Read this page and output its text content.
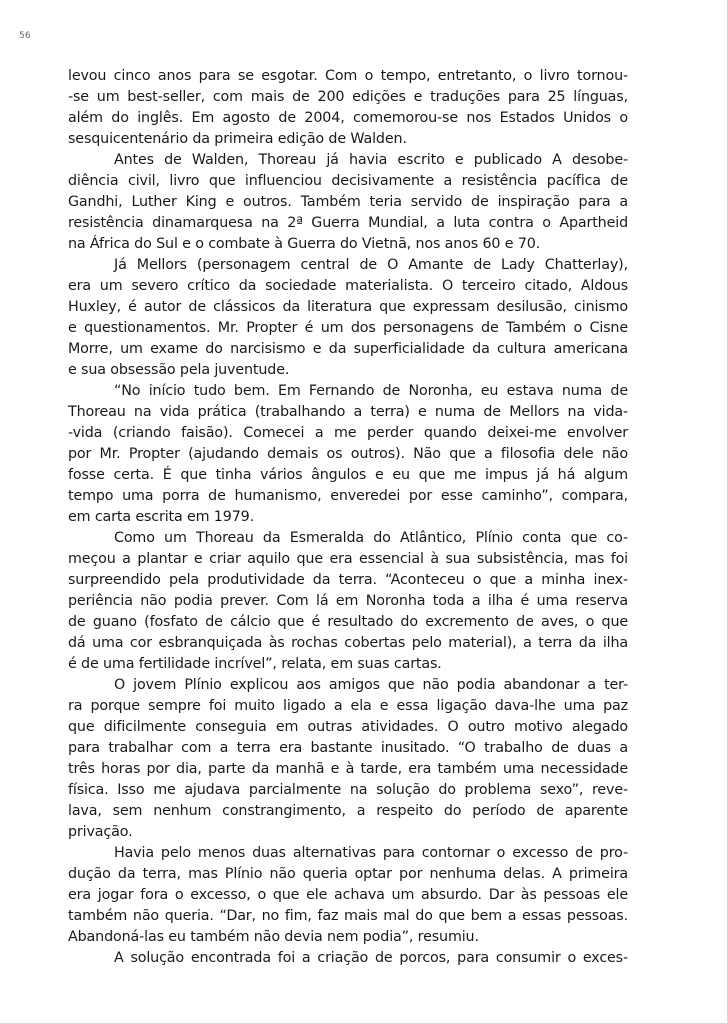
56
levou cinco anos para se esgotar. Com o tempo, entretanto, o livro tornou-
-se um best-seller, com mais de 200 edições e traduções para 25 línguas,
além do inglês. Em agosto de 2004, comemorou-se nos Estados Unidos o
sesquicentenário da primeira edição de Walden.
Antes de Walden, Thoreau já havia escrito e publicado A desobe-
diência civil, livro que influenciou decisivamente a resistência pacífica de
Gandhi, Luther King e outros. Também teria servido de inspiração para a
resistência dinamarquesa na 2ª Guerra Mundial, a luta contra o Apartheid
na África do Sul e o combate à Guerra do Vietnã, nos anos 60 e 70.
Já Mellors (personagem central de O Amante de Lady Chatterlay),
era um severo crítico da sociedade materialista. O terceiro citado, Aldous
Huxley, é autor de clássicos da literatura que expressam desilusão, cinismo
e questionamentos. Mr. Propter é um dos personagens de Também o Cisne
Morre, um exame do narcisismo e da superficialidade da cultura americana
e sua obsessão pela juventude.
“No início tudo bem. Em Fernando de Noronha, eu estava numa de
Thoreau na vida prática (trabalhando a terra) e numa de Mellors na vida-
-vida (criando faisão). Comecei a me perder quando deixei-me envolver
por Mr. Propter (ajudando demais os outros). Não que a filosofia dele não
fosse certa. É que tinha vários ângulos e eu que me impus já há algum
tempo uma porra de humanismo, enveredei por esse caminho”, compara,
em carta escrita em 1979.
Como um Thoreau da Esmeralda do Atlântico, Plínio conta que co-
meçou a plantar e criar aquilo que era essencial à sua subsistência, mas foi
surpreendido pela produtividade da terra. “Aconteceu o que a minha inex-
periência não podia prever. Com lá em Noronha toda a ilha é uma reserva
de guano (fosfato de cálcio que é resultado do excremento de aves, o que
dá uma cor esbranquiçada às rochas cobertas pelo material), a terra da ilha
é de uma fertilidade incrível”, relata, em suas cartas.
O jovem Plínio explicou aos amigos que não podia abandonar a ter-
ra porque sempre foi muito ligado a ela e essa ligação dava-lhe uma paz
que dificilmente conseguia em outras atividades. O outro motivo alegado
para trabalhar com a terra era bastante inusitado. “O trabalho de duas a
três horas por dia, parte da manhã e à tarde, era também uma necessidade
física. Isso me ajudava parcialmente na solução do problema sexo”, reve-
lava, sem nenhum constrangimento, a respeito do período de aparente
privação.
Havia pelo menos duas alternativas para contornar o excesso de pro-
dução da terra, mas Plínio não queria optar por nenhuma delas. A primeira
era jogar fora o excesso, o que ele achava um absurdo. Dar às pessoas ele
também não queria. “Dar, no fim, faz mais mal do que bem a essas pessoas.
Abandoná-las eu também não devia nem podia”, resumiu.
A solução encontrada foi a criação de porcos, para consumir o exces-
